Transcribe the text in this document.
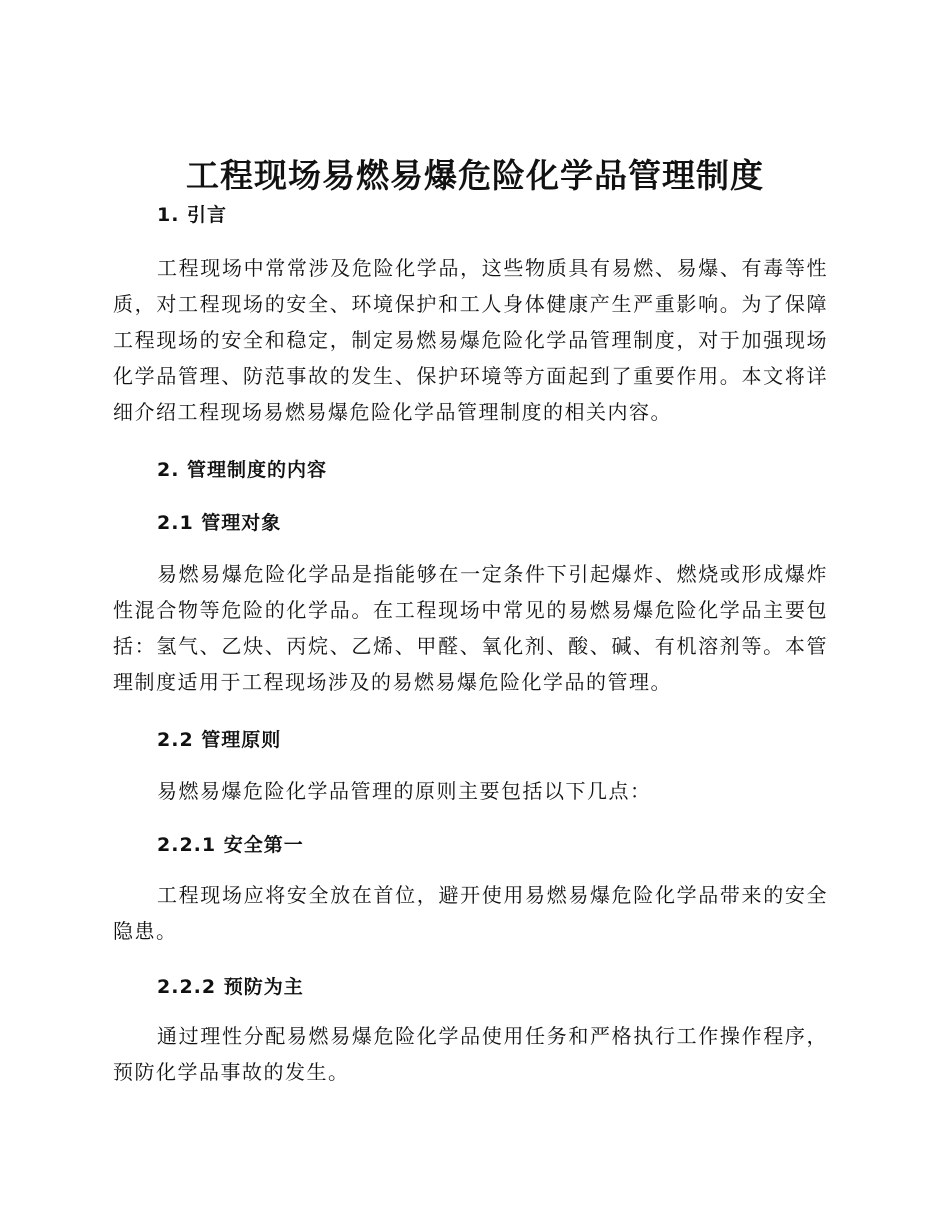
工程现场易燃易爆危险化学品管理制度
1. 引言

工程现场中常常涉及危险化学品，这些物质具有易燃、易爆、有毒等性质，对工程现场的安全、环境保护和工人身体健康产生严重影响。为了保障工程现场的安全和稳定，制定易燃易爆危险化学品管理制度，对于加强现场化学品管理、防范事故的发生、保护环境等方面起到了重要作用。本文将详细介绍工程现场易燃易爆危险化学品管理制度的相关内容。

2. 管理制度的内容
2.1 管理对象

易燃易爆危险化学品是指能够在一定条件下引起爆炸、燃烧或形成爆炸性混合物等危险的化学品。在工程现场中常见的易燃易爆危险化学品主要包括：氢气、乙炔、丙烷、乙烯、甲醛、氧化剂、酸、碱、有机溶剂等。本管理制度适用于工程现场涉及的易燃易爆危险化学品的管理。

2.2 管理原则

易燃易爆危险化学品管理的原则主要包括以下几点：

2.2.1 安全第一

工程现场应将安全放在首位，避开使用易燃易爆危险化学品带来的安全隐患。

2.2.2 预防为主

通过理性分配易燃易爆危险化学品使用任务和严格执行工作操作程序，预防化学品事故的发生。
